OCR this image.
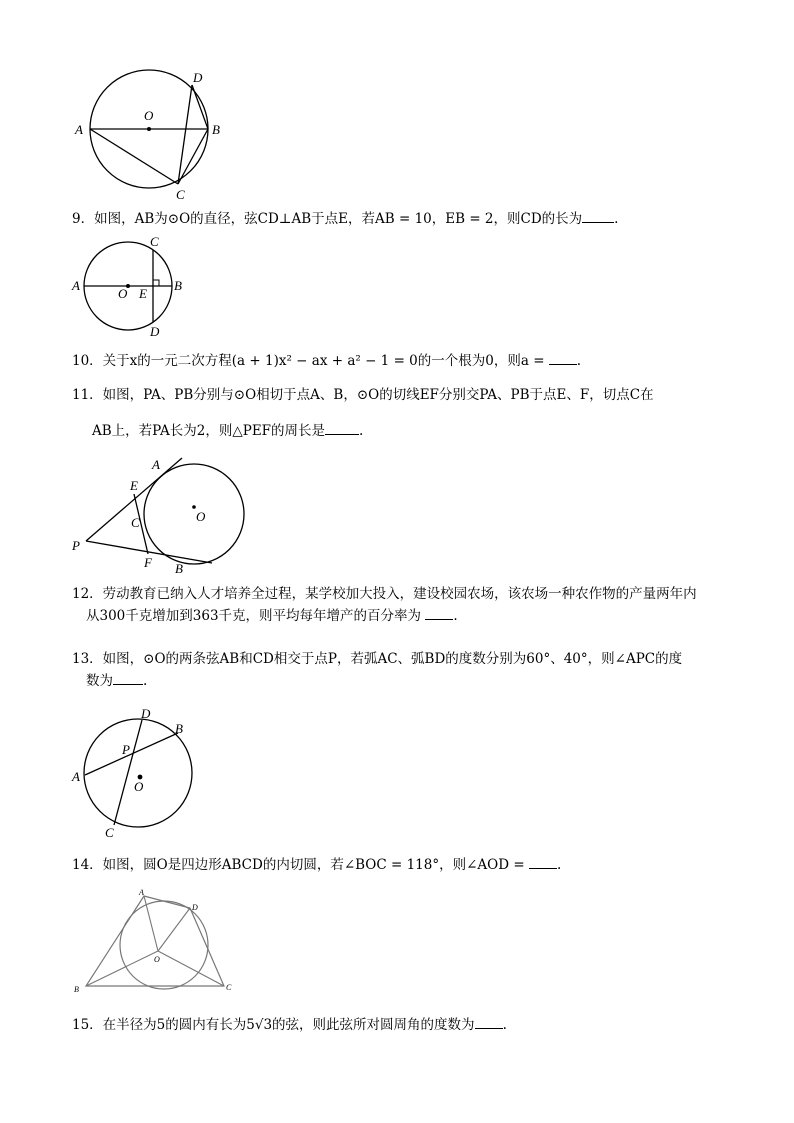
D
O
A	B
C
9．如图，AB为⊙O的直径，弦CD⊥AB于点E，若AB = 10，EB = 2，则CD的长为 .
C
A
O E
B
D
10．关于x的一元二次方程(a + 1)x² − ax + a² − 1 = 0的一个根为0，则a = .
11．如图，PA、PB分别与⊙O相切于点A、B，⊙O的切线EF分别交PA、PB于点E、F，切点C在
AB上，若PA长为2，则△PEF的周长是	.
A
E
C
P
F B
O
12．劳动教育已纳入人才培养全过程，某学校加大投入，建设校园农场，该农场一种农作物的产量两年内
从300千克增加到363千克，则平均每年增产的百分率为 .
13．如图，⊙O的两条弦AB和CD相交于点P，若弧AC、弧BD的度数分别为60°、40°，则∠APC的度
数为 .
D
B
P
A
O
C
14．如图，圆O是四边形ABCD的内切圆，若∠BOC = 118°，则∠AOD = .
A
D
O
B	C
15．在半径为5的圆内有长为5√3的弦，则此弦所对圆周角的度数为 .
